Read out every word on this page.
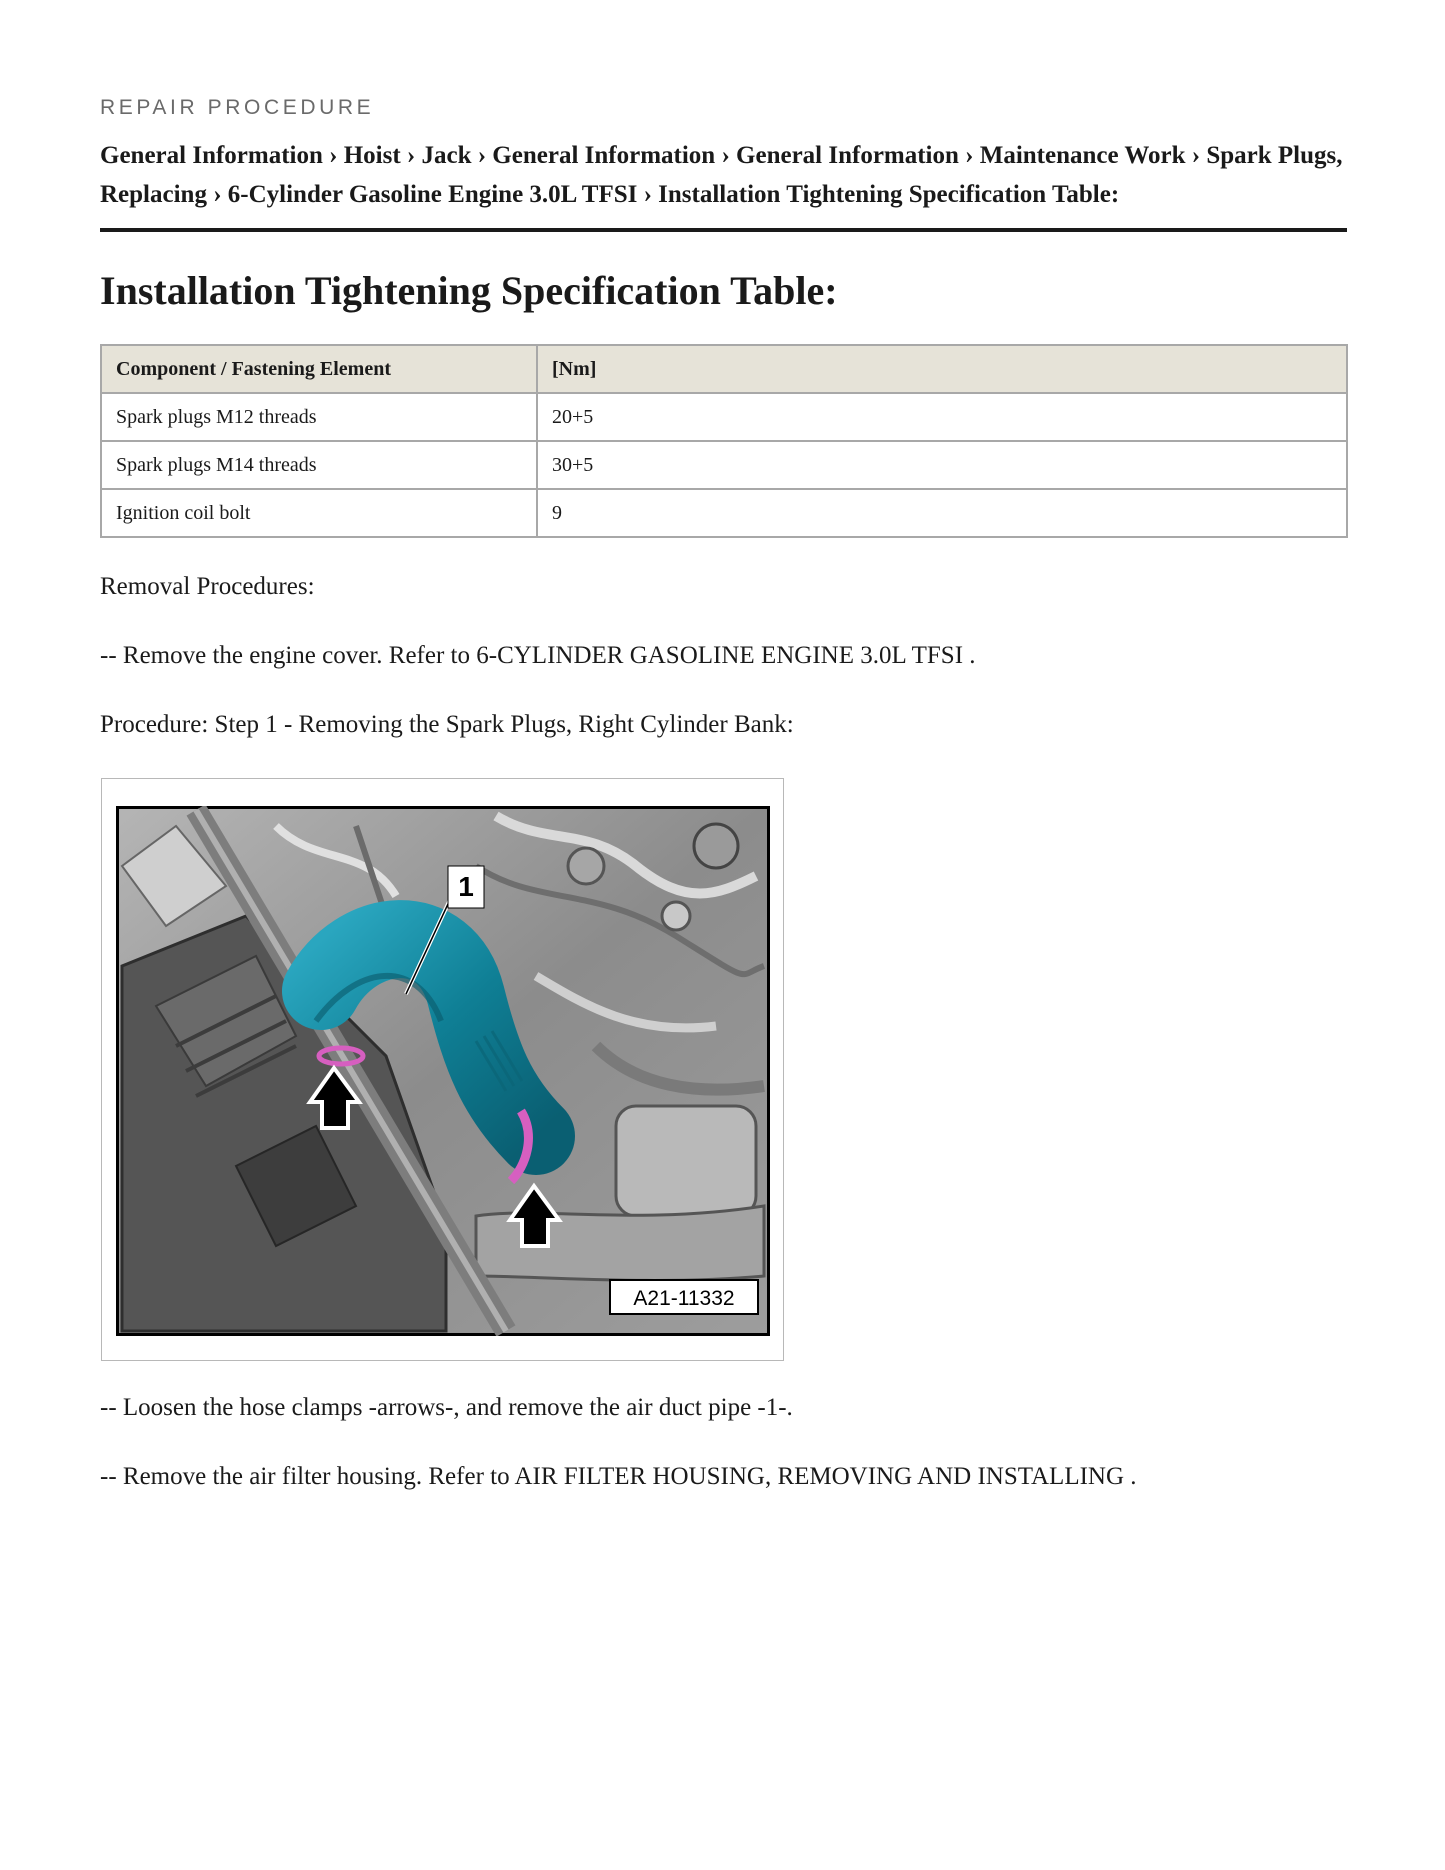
REPAIR PROCEDURE
General Information › Hoist › Jack › General Information › General Information › Maintenance Work › Spark Plugs, Replacing › 6-Cylinder Gasoline Engine 3.0L TFSI › Installation Tightening Specification Table:
Installation Tightening Specification Table:
Component / Fastening Element	[Nm]
Spark plugs M12 threads	20+5
Spark plugs M14 threads	30+5
Ignition coil bolt	9
Removal Procedures:
-- Remove the engine cover. Refer to 6-CYLINDER GASOLINE ENGINE 3.0L TFSI .
Procedure: Step 1 - Removing the Spark Plugs, Right Cylinder Bank:
1
A21-11332
-- Loosen the hose clamps -arrows-, and remove the air duct pipe -1-.
-- Remove the air filter housing. Refer to AIR FILTER HOUSING, REMOVING AND INSTALLING .
